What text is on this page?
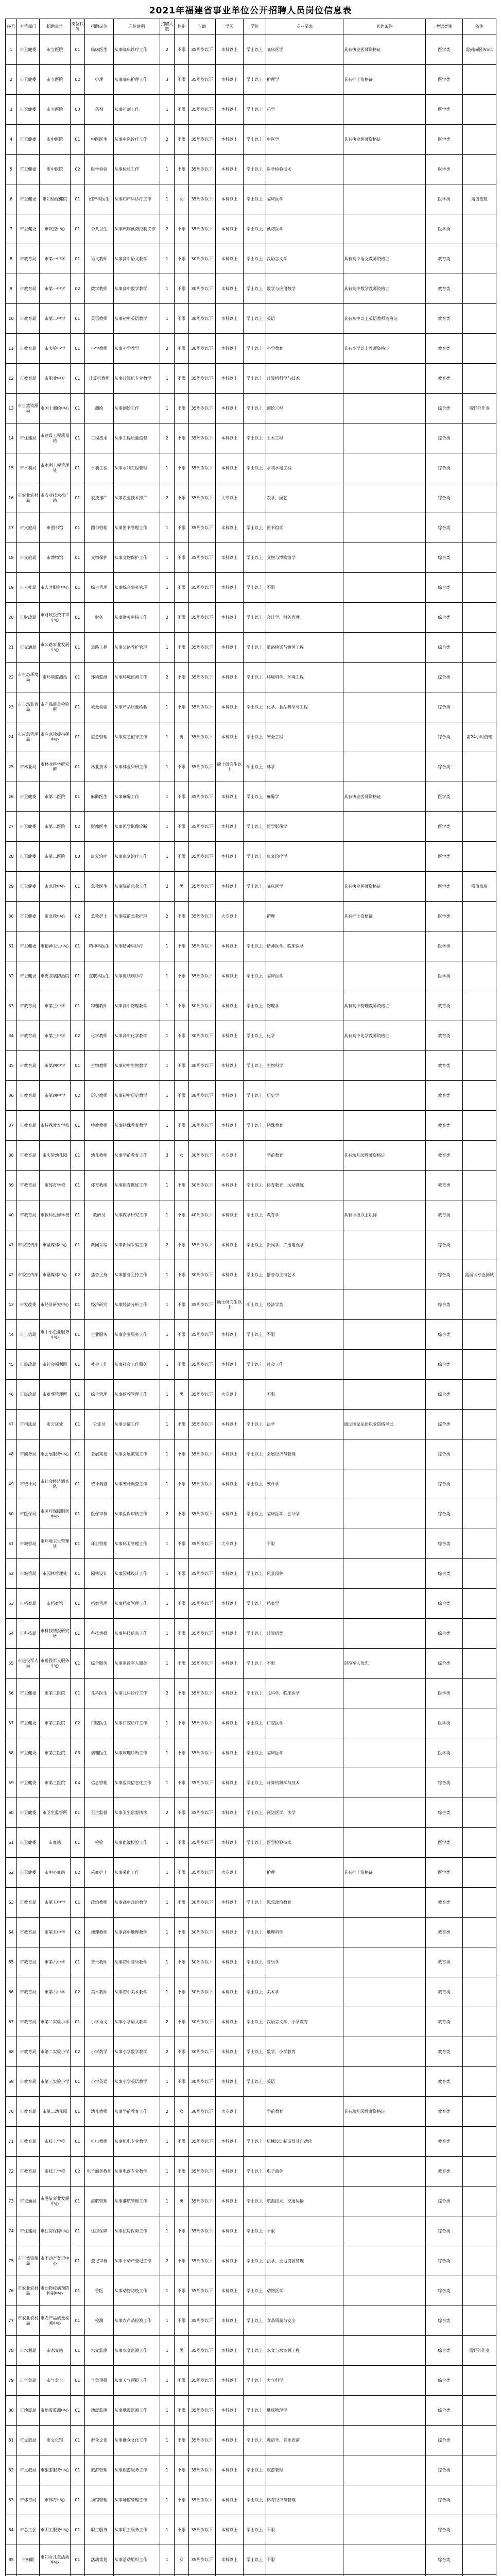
2021年福建省事业单位公开招聘人员岗位信息表
序号	主管部门	招聘单位	岗位代码	招聘岗位	岗位说明	招聘人数	性别	年龄	学历	学位	专业要求	其他条件	考试类别	备注
1	市卫健委	市立医院	01	临床医生	从事临床诊疗工作	2	不限	35周岁以下	本科以上	学士以上	临床医学	具有执业医师资格证	医学类	需到岗服务5年
2	市卫健委	市立医院	02	护理	从事临床护理工作	3	不限	35周岁以下	本科以上	学士以上	护理学	具有护士资格证	医学类	
3	市卫健委	市立医院	03	药剂	从事药剂工作	1	不限	35周岁以下	本科以上	学士以上	药学		医学类	
4	市卫健委	市中医院	01	中医医生	从事中医诊疗工作	2	不限	35周岁以下	本科以上	学士以上	中医学	具有执业医师资格证	医学类	
5	市卫健委	市中医院	02	医学检验	从事检验工作	1	不限	35周岁以下	本科以上	学士以上	医学检验技术		医学类	
6	市卫健委	市妇幼保健院	01	妇产科医生	从事妇产科诊疗工作	1	女	35周岁以下	本科以上	学士以上	临床医学		医学类	需值夜班
7	市卫健委	市疾控中心	01	公共卫生	从事疾病预防控制工作	2	不限	35周岁以下	本科以上	学士以上	预防医学		医学类	
8	市教育局	市第一中学	01	语文教师	从事高中语文教学	1	不限	30周岁以下	本科以上	学士以上	汉语言文学	具有高中语文教师资格证	教育类	
9	市教育局	市第一中学	02	数学教师	从事高中数学教学	1	不限	30周岁以下	本科以上	学士以上	数学与应用数学	具有高中数学教师资格证	教育类	
10	市教育局	市第二中学	01	英语教师	从事初中英语教学	1	不限	30周岁以下	本科以上	学士以上	英语	具有初中以上英语教师资格证	教育类	
11	市教育局	市实验小学	01	小学教师	从事小学教学	2	不限	30周岁以下	本科以上	学士以上	小学教育	具有小学以上教师资格证	教育类	
12	市教育局	市职业中专	01	计算机教师	从事计算机专业教学	1	不限	35周岁以下	本科以上	学士以上	计算机科学与技术		教育类	
13	市自然资源局	市国土测绘中心	01	测绘	从事测绘工作	1	不限	35周岁以下	本科以上	学士以上	测绘工程		综合类	需野外作业
14	市住建局	市建设工程质量站	01	工程技术	从事工程质量监督	2	不限	35周岁以下	本科以上	学士以上	土木工程		综合类	
15	市水利局	市水利工程管理处	01	水利工程	从事水利工程管理	1	不限	35周岁以下	本科以上	学士以上	水利水电工程		综合类	
16	市农业农村局	市农业技术推广站	01	农技推广	从事农业技术推广	2	不限	35周岁以下	大专以上		农学、园艺		综合类	
17	市文旅局	市图书馆	01	图书管理	从事图书管理工作	1	不限	35周岁以下	本科以上	学士以上	图书馆学		综合类	
18	市文旅局	市博物馆	01	文物保护	从事文物保护工作	1	不限	35周岁以下	本科以上	学士以上	文物与博物馆学		综合类	
19	市人社局	市人才服务中心	01	综合管理	从事综合事务管理	1	不限	35周岁以下	本科以上	学士以上	不限		综合类	
20	市财政局	市财政投资评审中心	01	财务	从事财务审核工作	2	不限	35周岁以下	本科以上	学士以上	会计学、财务管理		综合类	
21	市交通局	市公路事业发展中心	01	道路工程	从事公路养护管理	1	不限	35周岁以下	本科以上	学士以上	道路桥梁与渡河工程		综合类	
22	市生态环境局	市环境监测站	01	环境监测	从事环境监测工作	2	不限	35周岁以下	本科以上	学士以上	环境科学、环境工程		综合类	
23	市市场监管局	市产品质量检验所	01	质量检验	从事产品质量检验	1	不限	35周岁以下	本科以上	学士以上	化学、食品科学与工程		综合类	
24	市应急管理局	市应急救援指挥中心	01	应急管理	从事应急值守工作	1	男	35周岁以下	本科以上	学士以上	安全工程		综合类	需24小时值班
25	市林业局	市林业科学研究所	01	林业技术	从事林业科研工作	1	不限	35周岁以下	硕士研究生以上	硕士以上	林学		综合类	
26	市卫健委	市第二医院	01	麻醉医生	从事麻醉工作	1	不限	35周岁以下	本科以上	学士以上	麻醉学	具有执业医师资格证	医学类	
27	市卫健委	市第二医院	02	影像医生	从事医学影像诊断	1	不限	35周岁以下	本科以上	学士以上	医学影像学		医学类	
28	市卫健委	市第二医院	03	康复治疗	从事康复治疗工作	1	不限	35周岁以下	本科以上	学士以上	康复治疗学		医学类	
29	市卫健委	市急救中心	01	急救医生	从事院前急救工作	2	男	35周岁以下	本科以上	学士以上	临床医学	具有执业医师资格证	医学类	需值夜班
30	市卫健委	市急救中心	02	急救护士	从事院前急救护理	2	不限	35周岁以下	大专以上		护理	具有护士资格证	医学类	
31	市卫健委	市精神卫生中心	01	精神科医生	从事精神科诊疗	1	不限	35周岁以下	本科以上	学士以上	精神医学、临床医学		医学类	
32	市卫健委	市皮肤病防治院	01	皮肤科医生	从事皮肤病诊疗	1	不限	35周岁以下	本科以上	学士以上	临床医学		医学类	
33	市教育局	市第三中学	01	物理教师	从事高中物理教学	1	不限	30周岁以下	本科以上	学士以上	物理学	具有高中物理教师资格证	教育类	
34	市教育局	市第三中学	02	化学教师	从事高中化学教学	1	不限	30周岁以下	本科以上	学士以上	化学	具有高中化学教师资格证	教育类	
35	市教育局	市第四中学	01	生物教师	从事初中生物教学	1	不限	30周岁以下	本科以上	学士以上	生物科学		教育类	
36	市教育局	市第四中学	02	历史教师	从事初中历史教学	1	不限	30周岁以下	本科以上	学士以上	历史学		教育类	
37	市教育局	市特殊教育学校	01	特教教师	从事特殊教育教学	1	不限	30周岁以下	本科以上	学士以上	特殊教育		教育类	
38	市教育局	市实验幼儿园	01	幼儿教师	从事学前教育工作	3	女	30周岁以下	大专以上		学前教育	具有幼儿园教师资格证	教育类	
39	市教育局	市体育学校	01	体育教练	从事体育训练工作	1	不限	30周岁以下	本科以上	学士以上	体育教育、运动训练		教育类	
40	市教育局	市教师进修学校	01	教研员	从事教学研究工作	1	不限	40周岁以下	本科以上	学士以上	教育学	具有中级以上职称	教育类	
41	市委宣传部	市融媒体中心	01	新闻采编	从事新闻采编工作	2	不限	35周岁以下	本科以上	学士以上	新闻学、广播电视学		综合类	
42	市委宣传部	市融媒体中心	02	播音主持	从事播音主持工作	1	不限	30周岁以下	本科以上	学士以上	播音与主持艺术		综合类	需面试专业测试
43	市发改委	市经济研究中心	01	经济研究	从事经济分析工作	1	不限	35周岁以下	硕士研究生以上	硕士以上	经济学类		综合类	
44	市工信局	市中小企业服务中心	01	企业服务	从事企业服务工作	1	不限	35周岁以下	本科以上	学士以上	不限		综合类	
45	市民政局	市社会福利院	01	社会工作	从事社会工作服务	1	不限	35周岁以下	本科以上	学士以上	社会工作		综合类	
46	市民政局	市殡葬管理所	01	综合管理	从事殡葬管理工作	1	男	35周岁以下	大专以上		不限		综合类	
47	市司法局	市公证处	01	公证员	从事公证工作	1	不限	35周岁以下	本科以上	学士以上	法学	通过国家法律职业资格考试	综合类	
48	市商务局	市会展服务中心	01	会展策划	从事会展策划工作	1	不限	35周岁以下	本科以上	学士以上	会展经济与管理		综合类	
49	市统计局	市社会经济调查队	01	统计调查	从事统计调查工作	1	不限	35周岁以下	本科以上	学士以上	统计学		综合类	
50	市医保局	市医疗保障服务中心	01	医保审核	从事医保审核工作	2	不限	35周岁以下	本科以上	学士以上	临床医学、会计学		综合类	
51	市城管局	市环境卫生管理处	01	环卫管理	从事环卫管理工作	1	不限	35周岁以下	大专以上		不限		综合类	
52	市城管局	市园林管理处	01	园林设计	从事园林设计工作	1	不限	35周岁以下	本科以上	学士以上	风景园林		综合类	
53	市档案局	市档案馆	01	档案管理	从事档案管理工作	1	不限	35周岁以下	本科以上	学士以上	档案学		综合类	
54	市科技局	市科技情报研究所	01	科技情报	从事科技信息工作	1	不限	35周岁以下	本科以上	学士以上	计算机类		综合类	
55	市退役军人局	市退役军人服务中心	01	综合服务	从事退役军人服务	1	不限	35周岁以下	本科以上	学士以上	不限	退役军人优先	综合类	
56	市卫健委	市第三医院	01	儿科医生	从事儿科诊疗工作	2	不限	35周岁以下	本科以上	学士以上	儿科学、临床医学		医学类	
57	市卫健委	市第三医院	02	口腔医生	从事口腔诊疗工作	1	不限	35周岁以下	本科以上	学士以上	口腔医学		医学类	
58	市卫健委	市第三医院	03	病理医生	从事病理诊断工作	1	不限	35周岁以下	本科以上	学士以上	临床医学		医学类	
59	市卫健委	市第三医院	04	信息管理	从事医院信息化工作	1	不限	35周岁以下	本科以上	学士以上	计算机科学与技术		综合类	
60	市卫健委	市卫生监督所	01	卫生监督	从事卫生监督执法	2	不限	35周岁以下	本科以上	学士以上	预防医学、法学		综合类	
61	市卫健委	市血站	01	检验	从事血液检验工作	1	不限	35周岁以下	本科以上	学士以上	医学检验技术		医学类	
62	市卫健委	市中心血站	02	采血护士	从事采血工作	1	不限	35周岁以下	大专以上		护理	具有护士资格证	医学类	
63	市教育局	市第五中学	01	政治教师	从事高中政治教学	1	不限	30周岁以下	本科以上	学士以上	思想政治教育		教育类	
64	市教育局	市第五中学	02	地理教师	从事高中地理教学	1	不限	30周岁以下	本科以上	学士以上	地理科学		教育类	
65	市教育局	市第六中学	01	音乐教师	从事初中音乐教学	1	不限	30周岁以下	本科以上	学士以上	音乐学		教育类	
66	市教育局	市第六中学	02	美术教师	从事初中美术教学	1	不限	30周岁以下	本科以上	学士以上	美术学		教育类	
67	市教育局	市第二实验小学	01	小学语文	从事小学语文教学	2	不限	30周岁以下	本科以上	学士以上	汉语言文学、小学教育		教育类	
68	市教育局	市第二实验小学	02	小学数学	从事小学数学教学	2	不限	30周岁以下	本科以上	学士以上	数学、小学教育		教育类	
69	市教育局	市第三实验小学	01	小学英语	从事小学英语教学	1	不限	30周岁以下	本科以上	学士以上	英语		教育类	
70	市教育局	市第二幼儿园	01	幼儿教师	从事学前教育工作	2	女	30周岁以下	大专以上		学前教育	具有幼儿园教师资格证	教育类	
71	市教育局	市技工学校	01	机电教师	从事机电专业教学	1	不限	35周岁以下	本科以上	学士以上	机械设计制造及其自动化		教育类	
72	市教育局	市技工学校	02	电子商务教师	从事电商专业教学	1	不限	35周岁以下	本科以上	学士以上	电子商务		教育类	
73	市交通局	市港航事业发展中心	01	港航管理	从事港航管理工作	1	男	35周岁以下	本科以上	学士以上	航海技术、交通运输		综合类	
74	市住建局	市住房保障中心	01	住房保障	从事住房保障工作	1	不限	35周岁以下	本科以上	学士以上	不限		综合类	
75	市自然资源局	市不动产登记中心	01	登记审核	从事不动产登记工作	2	不限	35周岁以下	本科以上	学士以上	法学、土地资源管理		综合类	
76	市农业农村局	市动物疫病预防控制中心	01	兽医	从事动物防疫工作	1	不限	35周岁以下	本科以上	学士以上	动物医学		综合类	
77	市农业农村局	市农产品质量检测中心	01	检测	从事农产品检测工作	1	不限	35周岁以下	本科以上	学士以上	食品质量与安全		综合类	
78	市水利局	市水文站	01	水文监测	从事水文监测工作	1	男	35周岁以下	本科以上	学士以上	水文与水资源工程		综合类	需野外作业
79	市气象局	市气象台	01	气象预报	从事天气预报工作	1	不限	35周岁以下	本科以上	学士以上	大气科学		综合类	
80	市地震局	市地震监测中心	01	地震监测	从事地震监测工作	1	不限	35周岁以下	本科以上	学士以上	地球物理学		综合类	
81	市文旅局	市文化馆	01	群众文化	从事群众文化工作	1	不限	35周岁以下	本科以上	学士以上	舞蹈学、音乐表演		综合类	
82	市文旅局	市旅游服务中心	01	旅游管理	从事旅游服务工作	1	不限	35周岁以下	本科以上	学士以上	旅游管理		综合类	
83	市体育局	市体育中心	01	场馆管理	从事场馆管理工作	1	不限	35周岁以下	本科以上	学士以上	体育经济与管理		综合类	
84	市总工会	市职工服务中心	01	职工服务	从事职工服务工作	1	不限	35周岁以下	本科以上	学士以上	不限		综合类	
85	市妇联	市妇女儿童活动中心	01	活动策划	从事活动组织工作	1	女	35周岁以下	本科以上	学士以上	不限		综合类	
